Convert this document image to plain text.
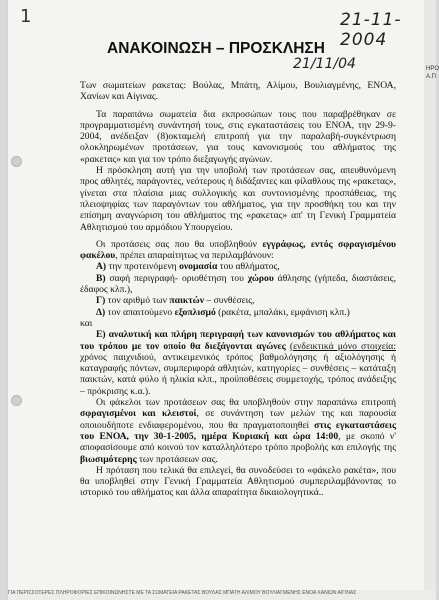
1	21-11-2004
ΑΝΑΚΟΙΝΩΣΗ – ΠΡΟΣΚΛΗΣΗ
21/11/04

Των σωματείων ρακετας: Βούλας, Μπάτη, Αλίμου, Βουλιαγμένης, ΕΝΟΑ, Χανίων και Αίγινας.

Τα παραπάνω σωματεία δια εκπροσώπων τους που παραβρέθηκαν σε προγραμματισμένη συνάντησή τους, στις εγκαταστάσεις του ΕΝΟΑ, την 29-9-2004, ανέδειξαν (8)οκταμελή επιτροπή για την παραλαβή-συγκέντρωση ολοκληρωμένων προτάσεων, για τους κανονισμούς του αθλήματος της «ρακετας» και για τον τρόπο διεξαγωγής αγώνων.

Η πρόσκληση αυτή για την υποβολή των προτάσεων σας, απευθυνόμενη προς αθλητές, παράγοντες, νεότερους ή διδάξαντες και φίλαθλους της «ρακετας», γίνεται στα πλαίσια μιας συλλογικής και συντονισμένης προσπάθειας, της πλειοψηφίας των παραγόντων του αθλήματος, για την προσθήκη του και την επίσημη αναγνώριση του αθλήματος της «ρακετας» απ' τη Γενική Γραμματεία Αθλητισμού του αρμόδιου Υπουργείου.

Οι προτάσεις σας που θα υποβληθούν εγγράφως, εντός σφραγισμένου φακέλου, πρέπει απαραίτητως να περιλαμβάνουν:

Α) την προτεινόμενη ονομασία του αθλήματος,

Β) σαφή περιγραφή- οριοθέτηση του χώρου άθλησης (γήπεδα, διαστάσεις, έδαφος κλπ.),

Γ) τον αριθμό των παικτών – συνθέσεις,

Δ) τον απαιτούμενο εξοπλισμό (ρακέτα, μπαλάκι, εμφάνιση κλπ.)

και

Ε) αναλυτική και πλήρη περιγραφή των κανονισμών του αθλήματος και του τρόπου με τον οποίο θα διεξάγονται αγώνες (ενδεικτικά μόνο στοιχεία: χρόνος παιχνιδιού, αντικειμενικός τρόπος βαθμολόγησης ή αξιολόγησης ή καταγραφής πόντων, συμπεριφορά αθλητών, κατηγορίες – συνθέσεις – κατάταξη παικτών, κατά φύλο ή ηλικία κλπ., προϋποθέσεις συμμετοχής, τρόπος ανάδειξης – πρόκρισης κ.α.).

Οι φάκελοι των προτάσεων σας θα υποβληθούν στην παραπάνω επιτροπή σφραγισμένοι και κλειστοί, σε συνάντηση των μελών της και παρουσία οποιουδήποτε ενδιαφερομένου, που θα πραγματοποιηθεί στις εγκαταστάσεις του ΕΝΟΑ, την 30-1-2005, ημέρα Κυριακή και ώρα 14:00, με σκοπό ν' αποφασίσουμε από κοινού τον καταλληλότερο τρόπο προβολής και επιλογής της βιωσιμότερης των προτάσεων σας.

Η πρόταση που τελικά θα επιλεγεί, θα συνοδεύσει το «φάκελο ρακέτα», που θα υποβληθεί στην Γενική Γραμματεία Αθλητισμού συμπεριλαμβάνοντας το ιστορικό του αθλήματος και άλλα απαραίτητα δικαιολογητικά..

ΗΡΟ
Α.Π
ΓΙΑ ΠΕΡΙΣΣΟΤΕΡΕΣ ΠΛΗΡΟΦΟΡΙΕΣ ΕΠΙΚΟΙΝΩΝΗΣΤΕ ΜΕ ΤΑ ΣΩΜΑΤΕΙΑ ΡΑΚΕΤΑΣ ΒΟΥΛΑΣ ΜΠΑΤΗ ΑΛΙΜΟΥ ΒΟΥΛΙΑΓΜΕΝΗΣ ΕΝΟΑ ΧΑΝΙΩΝ ΑΙΓΙΝΑΣ
